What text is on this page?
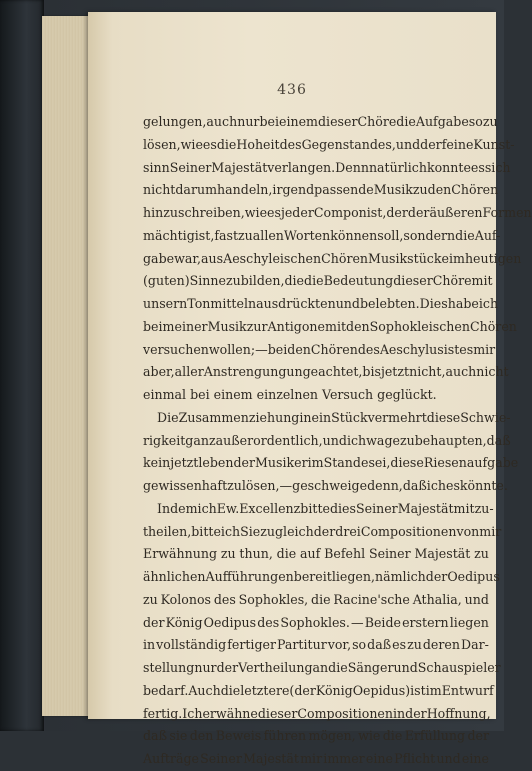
436
gelungen, auch nur bei einem dieser Chöre die Aufgabe so zu
lösen, wie es die Hoheit des Gegenstandes, und der feine Kunst-
sinn Seiner Majestät verlangen. Denn natürlich konnte es sich
nicht darum handeln, irgend passende Musik zu den Chören
hinzuschreiben, wie es jeder Componist, der der äußeren Formen
mächtig ist, fast zu allen Worten können soll, sondern die Auf-
gabe war, aus Aeschyleischen Chören Musikstücke im heutigen
(guten) Sinne zu bilden, die die Bedeutung dieser Chöre mit
unsern Tonmitteln ausdrückten und belebten. Dies habe ich
bei meiner Musik zur Antigone mit den Sophokleischen Chören
versuchen wollen; — bei den Chören des Aeschylus ist es mir
aber, aller Anstrengung ungeachtet, bis jetzt nicht, auch nicht
einmal bei einem einzelnen Versuch geglückt.
Die Zusammenziehung in ein Stück vermehrt diese Schwie-
rigkeit ganz außerordentlich, und ich wage zu behaupten, daß
kein jetzt lebender Musiker im Stande sei, diese Riesenaufgabe
gewissenhaft zu lösen, — geschweige denn, daß ich es könnte.
Indem ich Ew. Excellenz bitte dies Seiner Majestät mitzu-
theilen, bitte ich Sie zugleich der drei Compositionen von mir
Erwähnung zu thun, die auf Befehl Seiner Majestät zu
ähnlichen Aufführungen bereit liegen, nämlich der Oedipus
zu Kolonos des Sophokles, die Racine'sche Athalia, und
der König Oedipus des Sophokles. — Beide erstern liegen
in vollständig fertiger Partitur vor, so daß es zu deren Dar-
stellung nur der Vertheilung an die Sänger und Schauspieler
bedarf. Auch die letztere (der König Oepidus) ist im Entwurf
fertig. Ich erwähne dieser Compositionen in der Hoffnung,
daß sie den Beweis führen mögen, wie die Erfüllung der
Aufträge Seiner Majestät mir immer eine Pflicht und eine
